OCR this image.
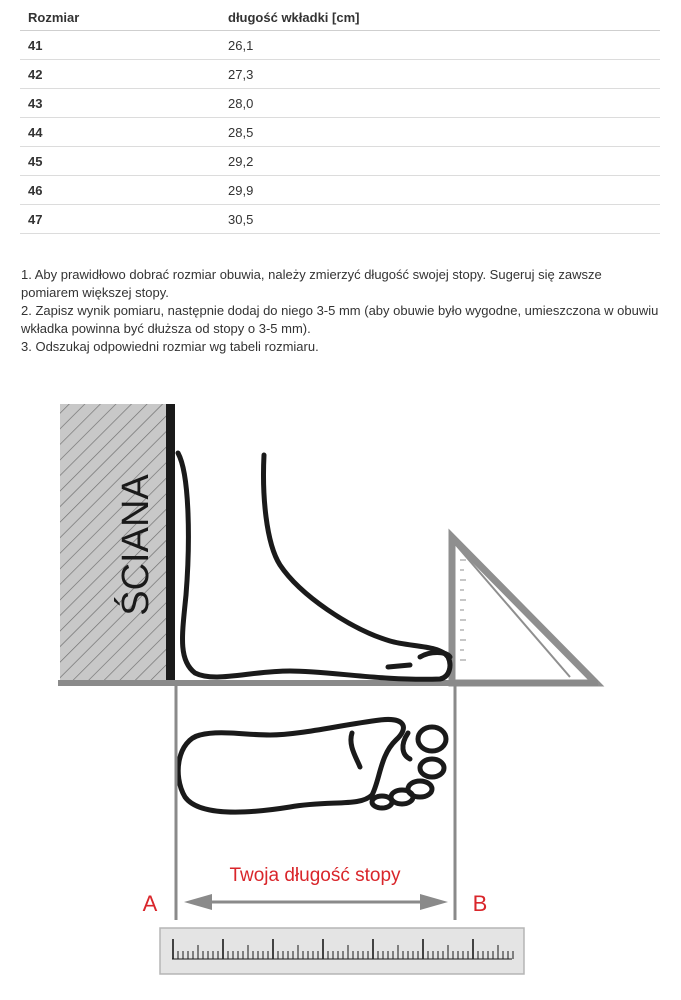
Rozmiar	długość wkładki [cm]
41	26,1
42	27,3
43	28,0
44	28,5
45	29,2
46	29,9
47	30,5

1. Aby prawidłowo dobrać rozmiar obuwia, należy zmierzyć długość swojej stopy. Sugeruj się zawsze pomiarem większej stopy.

2. Zapisz wynik pomiaru, następnie dodaj do niego 3-5 mm (aby obuwie było wygodne, umieszczona w obuwiu wkładka powinna być dłuższa od stopy o 3-5 mm).

3. Odszukaj odpowiedni rozmiar wg tabeli rozmiaru.

ŚCIANA
Twoja długość stopy
A	B
